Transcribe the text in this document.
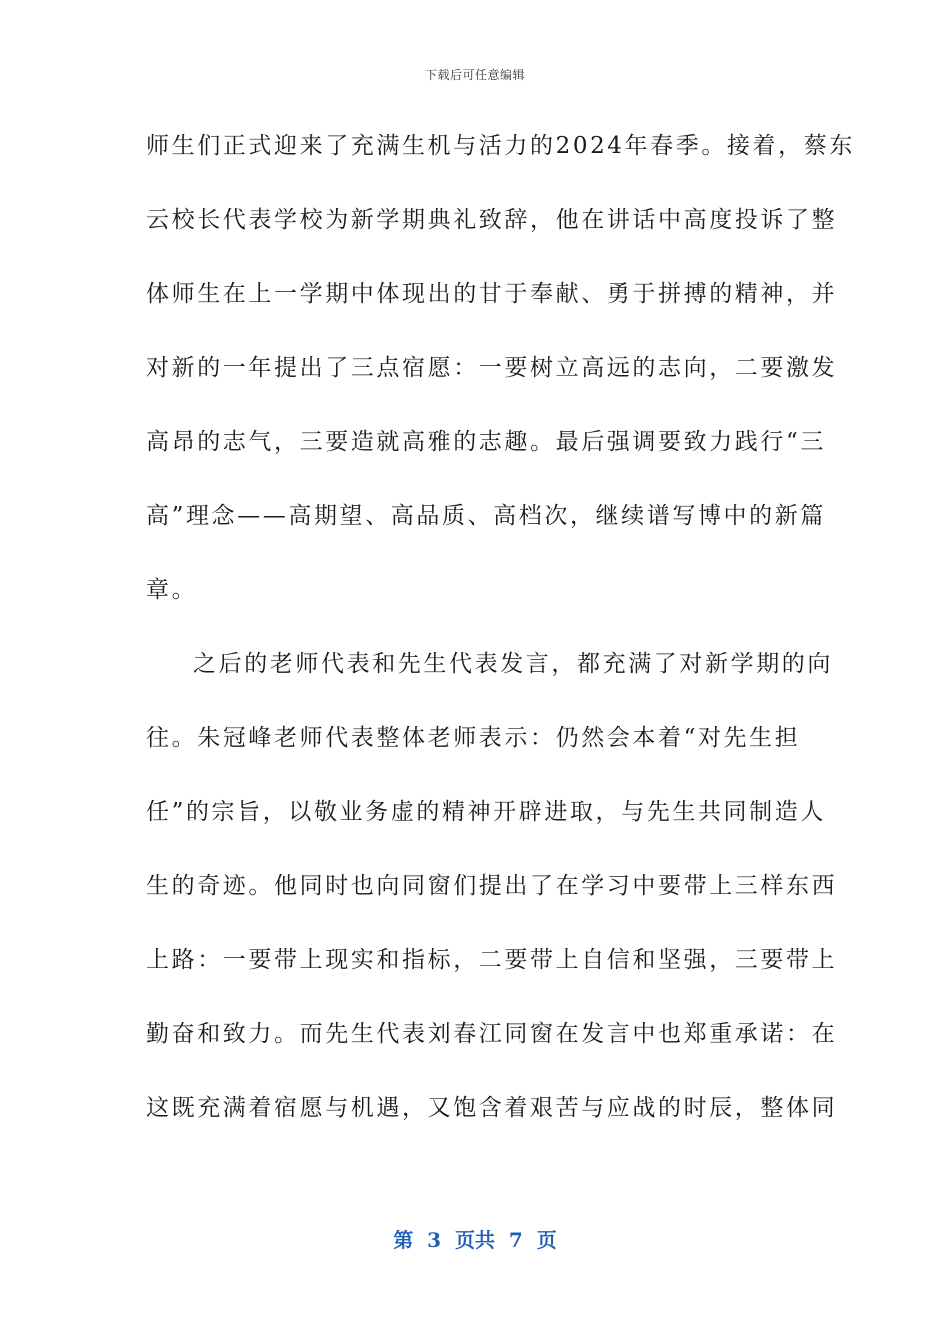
下载后可任意编辑
师生们正式迎来了充满生机与活力的2024年春季。接着，蔡东
云校长代表学校为新学期典礼致辞，他在讲话中高度投诉了整
体师生在上一学期中体现出的甘于奉献、勇于拼搏的精神，并
对新的一年提出了三点宿愿：一要树立高远的志向，二要激发
高昂的志气，三要造就高雅的志趣。最后强调要致力践行“三
高”理念——高期望、高品质、高档次，继续谱写博中的新篇
章。
之后的老师代表和先生代表发言，都充满了对新学期的向
往。朱冠峰老师代表整体老师表示：仍然会本着“对先生担
任”的宗旨，以敬业务虚的精神开辟进取，与先生共同制造人
生的奇迹。他同时也向同窗们提出了在学习中要带上三样东西
上路：一要带上现实和指标，二要带上自信和坚强，三要带上
勤奋和致力。而先生代表刘春江同窗在发言中也郑重承诺：在
这既充满着宿愿与机遇，又饱含着艰苦与应战的时辰，整体同
第  3  页共  7  页
